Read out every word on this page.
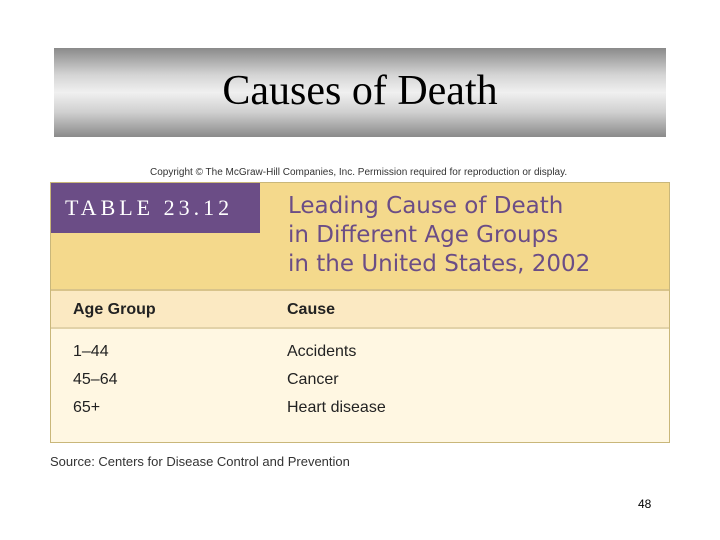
Causes of Death
Copyright © The McGraw-Hill Companies, Inc. Permission required for reproduction or display.
TABLE 23.12 Leading Cause of Death
in Different Age Groups
in the United States, 2002
Age Group	Cause
1–44	Accidents
45–64	Cancer
65+	Heart disease
Source: Centers for Disease Control and Prevention
48
